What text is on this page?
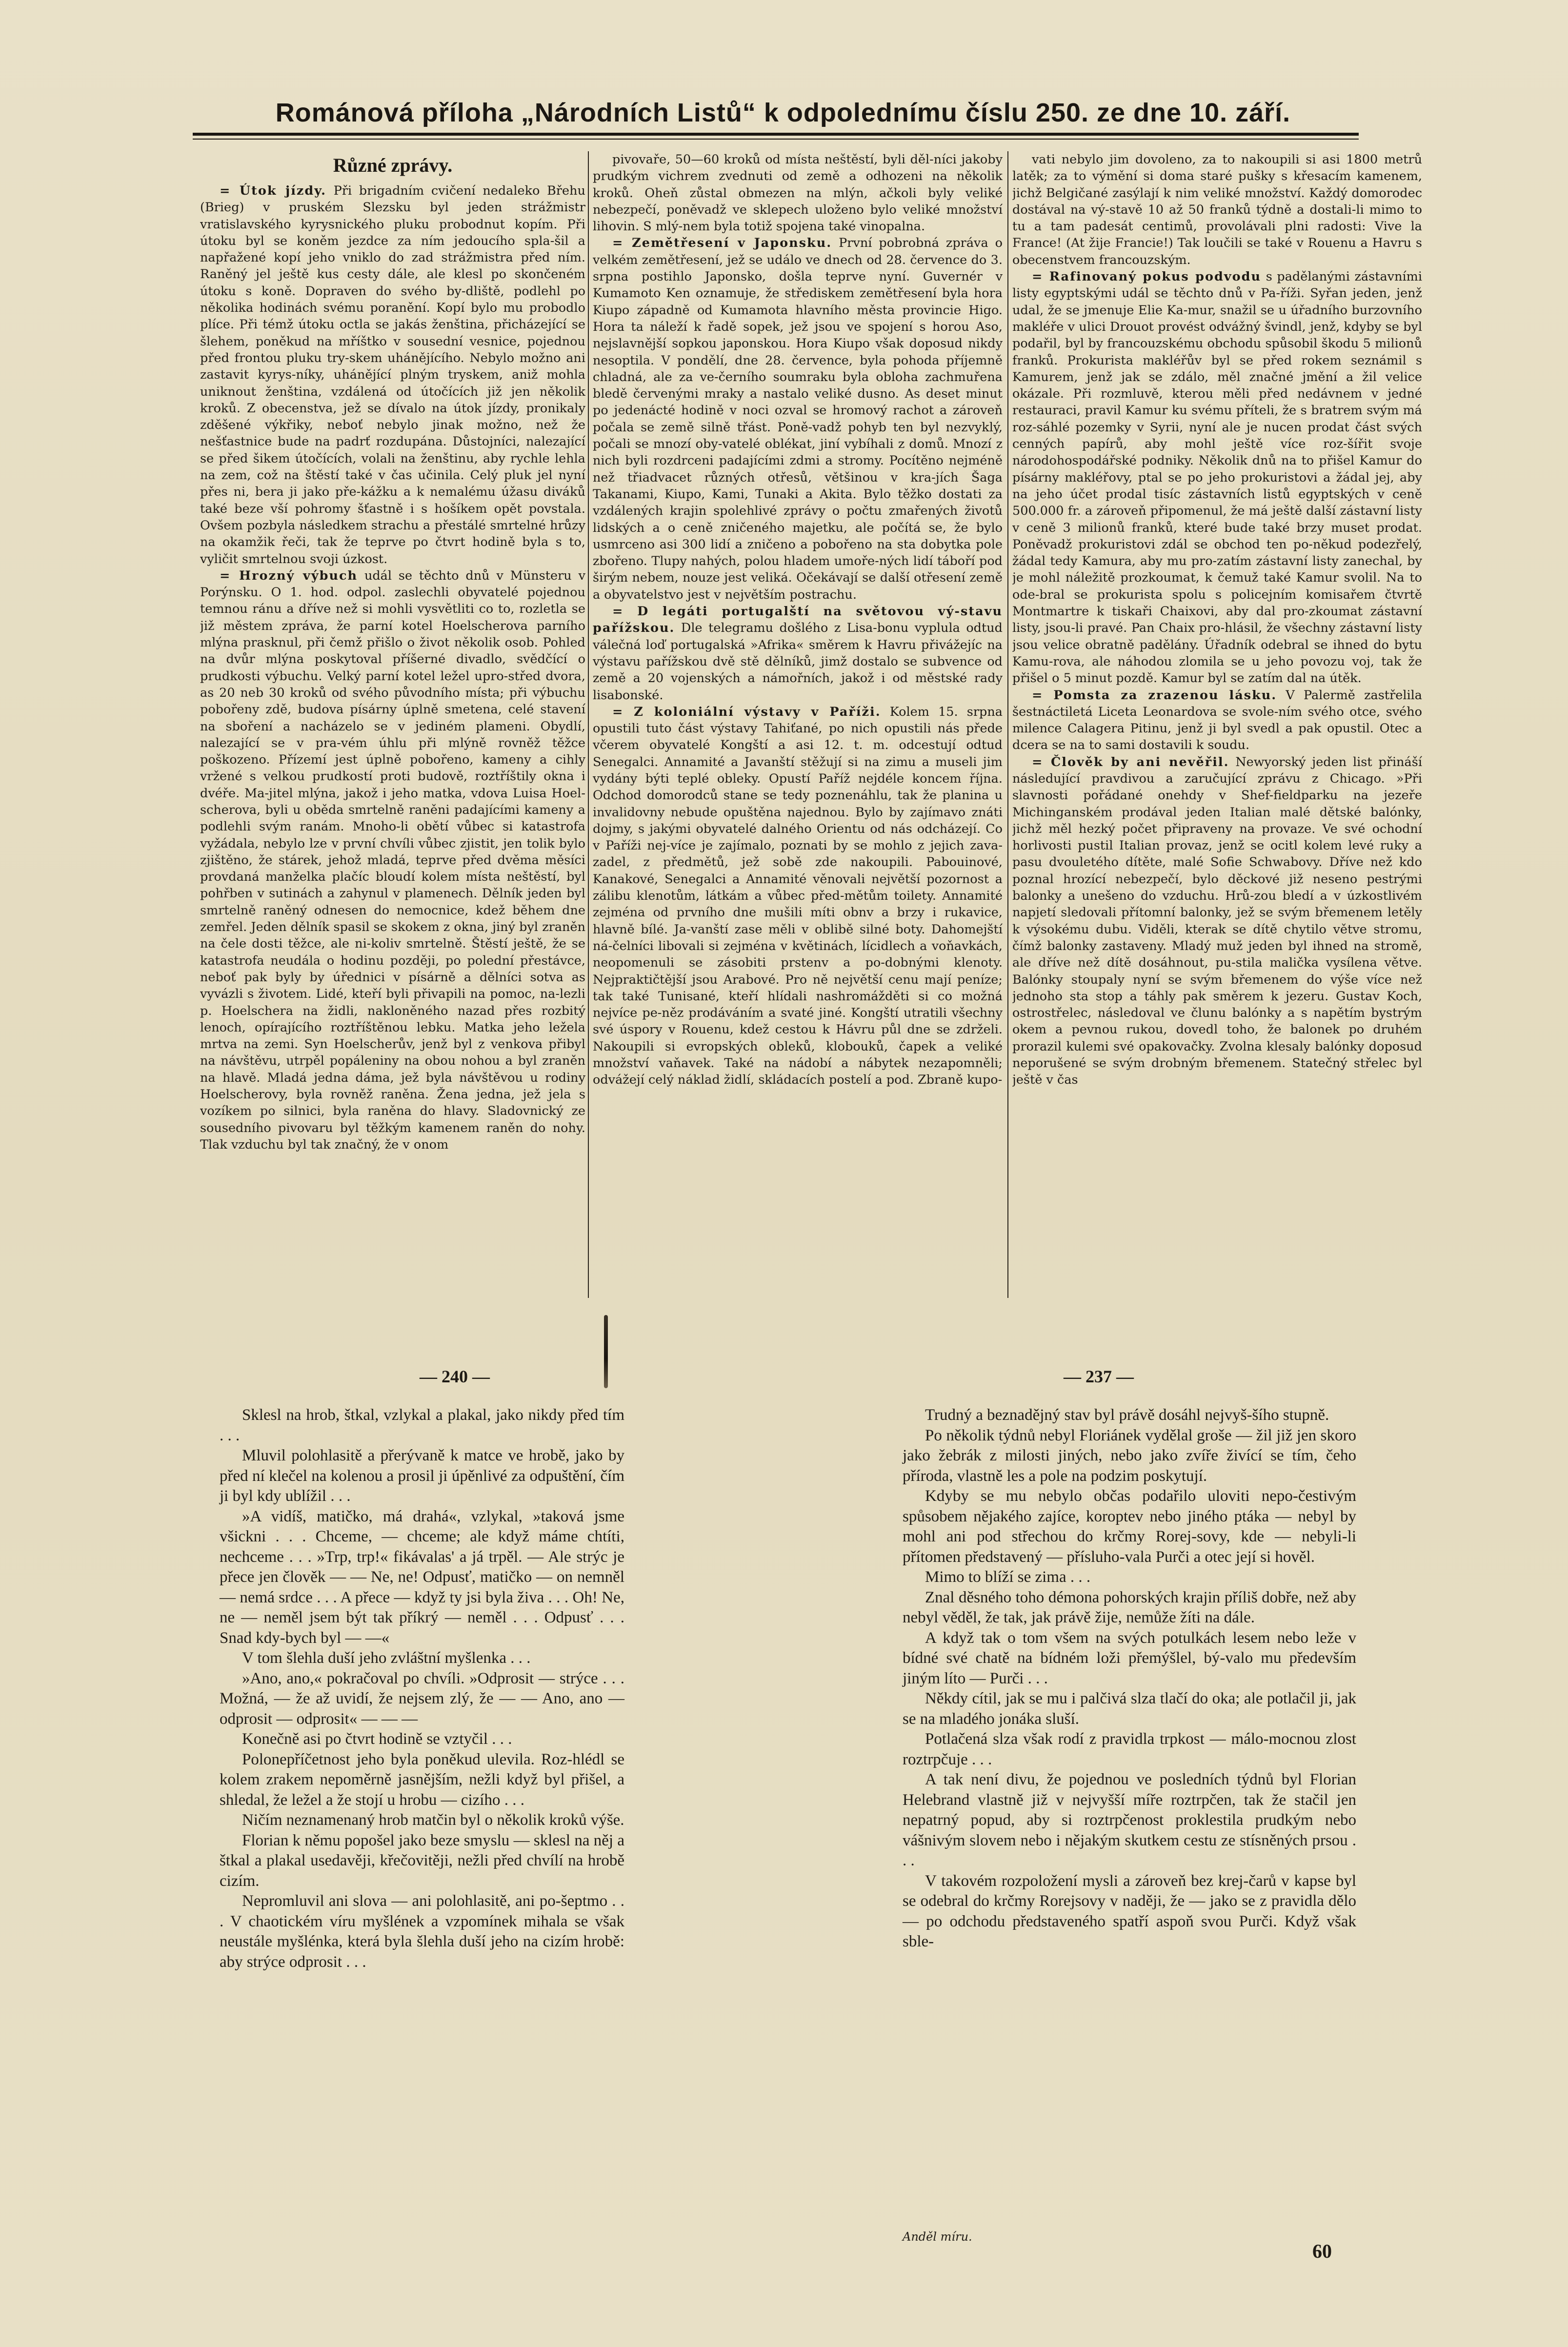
Románová příloha „Národních Listů“ k odpolednímu číslu 250. ze dne 10. září.
Různé zprávy.

= Útok jízdy. Při brigadním cvičení nedaleko Břehu (Brieg) v pruském Slezsku byl jeden strážmistr vratislavského kyrysnického pluku probodnut kopím. Při útoku byl se koněm jezdce za ním jedoucího spla-šil a napřažené kopí jeho vniklo do zad strážmistra před ním. Raněný jel ještě kus cesty dále, ale klesl po skončeném útoku s koně. Dopraven do svého by-dliště, podlehl po několika hodinách svému poranění. Kopí bylo mu probodlo plíce. Při témž útoku octla se jakás ženština, přicházející se šlehem, poněkud na mříštko v sousední vesnice, pojednou před frontou pluku try-skem uhánějícího. Nebylo možno ani zastavit kyrys-níky, uhánějící plným tryskem, aniž mohla uniknout ženština, vzdálená od útočících již jen několik kroků. Z obecenstva, jež se dívalo na útok jízdy, pronikaly zděšené výkřiky, neboť nebylo jinak možno, než že nešťastnice bude na padrť rozdupána. Důstojníci, nalezající se před šikem útočících, volali na ženštinu, aby rychle lehla na zem, což na štěstí také v čas učinila. Celý pluk jel nyní přes ni, bera ji jako pře-kážku a k nemalému úžasu diváků také beze vší pohromy šťastně i s hošíkem opět povstala. Ovšem pozbyla následkem strachu a přestálé smrtelné hrůzy na okamžik řeči, tak že teprve po čtvrt hodině byla s to, vyličit smrtelnou svoji úzkost.

= Hrozný výbuch udál se těchto dnů v Münsteru v Porýnsku. O 1. hod. odpol. zaslechli obyvatelé pojednou temnou ránu a dříve než si mohli vysvětliti co to, rozletla se již městem zpráva, že parní kotel Hoelscherova parního mlýna prasknul, při čemž přišlo o život několik osob. Pohled na dvůr mlýna poskytoval příšerné divadlo, svědčící o prudkosti výbuchu. Velký parní kotel ležel upro-střed dvora, as 20 neb 30 kroků od svého původního místa; při výbuchu pobořeny zdě, budova písárny úplně smetena, celé stavení na sboření a nacházelo se v jediném plameni. Obydlí, nalezající se v pra-vém úhlu při mlýně rovněž těžce poškozeno. Přízemí jest úplně pobořeno, kameny a cihly vržené s velkou prudkostí proti budově, roztříštily okna i dvéře. Ma-jitel mlýna, jakož i jeho matka, vdova Luisa Hoel-scherova, byli u oběda smrtelně raněni padajícími kameny a podlehli svým ranám. Mnoho-li obětí vůbec si katastrofa vyžádala, nebylo lze v první chvíli vůbec zjistit, jen tolik bylo zjištěno, že stárek, jehož mladá, teprve před dvěma měsíci provdaná manželka plačíc bloudí kolem místa neštěstí, byl pohřben v sutinách a zahynul v plamenech. Dělník jeden byl smrtelně raněný odnesen do nemocnice, kdež během dne zemřel. Jeden dělník spasil se skokem z okna, jiný byl zraněn na čele dosti těžce, ale ni-koliv smrtelně. Štěstí ještě, že se katastrofa neudála o hodinu později, po polední přestávce, neboť pak byly by úřednici v písárně a dělníci sotva as vyvázli s životem. Lidé, kteří byli přivapili na pomoc, na-lezli p. Hoelschera na židli, nakloněného nazad přes rozbitý lenoch, opírajícího roztříštěnou lebku. Matka jeho ležela mrtva na zemi. Syn Hoelscherův, jenž byl z venkova přibyl na návštěvu, utrpěl popáleniny na obou nohou a byl zraněn na hlavě. Mladá jedna dáma, jež byla návštěvou u rodiny Hoelscherovy, byla rovněž raněna. Žena jedna, jež jela s vozíkem po silnici, byla raněna do hlavy. Sladovnický ze sousedního pivovaru byl těžkým kamenem raněn do nohy. Tlak vzduchu byl tak značný, že v onom

pivovaře, 50—60 kroků od místa neštěstí, byli děl-níci jakoby prudkým vichrem zvednuti od země a odhozeni na několik kroků. Oheň zůstal obmezen na mlýn, ačkoli byly veliké nebezpečí, poněvadž ve sklepech uloženo bylo veliké množství lihovin. S mlý-nem byla totiž spojena také vinopalna.

= Zemětřesení v Japonsku. První pobrobná zpráva o velkém zemětřesení, jež se událo ve dnech od 28. července do 3. srpna postihlo Japonsko, došla teprve nyní. Guvernér v Kumamoto Ken oznamuje, že střediskem zemětřesení byla hora Kiupo západně od Kumamota hlavního města provincie Higo. Hora ta náleží k řadě sopek, jež jsou ve spojení s horou Aso, nejslavnější sopkou japonskou. Hora Kiupo však doposud nikdy nesoptila. V pondělí, dne 28. července, byla pohoda příjemně chladná, ale za ve-černího soumraku byla obloha zachmuřena bledě červenými mraky a nastalo veliké dusno. As deset minut po jedenácté hodině v noci ozval se hromový rachot a zároveň počala se země silně třást. Poně-vadž pohyb ten byl nezvyklý, počali se mnozí oby-vatelé oblékat, jiní vybíhali z domů. Mnozí z nich byli rozdrceni padajícími zdmi a stromy. Pocítěno nejméně než třiadvacet různých otřesů, většinou v kra-jích Šaga Takanami, Kiupo, Kami, Tunaki a Akita. Bylo těžko dostati za vzdálených krajin spolehlivé zprávy o počtu zmařených životů lidských a o ceně zničeného majetku, ale počítá se, že bylo usmrceno asi 300 lidí a zničeno a pobořeno na sta dobytka pole zbořeno. Tlupy nahých, polou hladem umoře-ných lidí táboří pod širým nebem, nouze jest veliká. Očekávají se další otřesení země a obyvatelstvo jest v největším postrachu.

= D legáti portugalští na světovou vý-stavu pařížskou. Dle telegramu došlého z Lisa-bonu vyplula odtud válečná loď portugalská »Afrika« směrem k Havru přivážejíc na výstavu pařížskou dvě stě dělníků, jimž dostalo se subvence od země a 20 vojenských a námořních, jakož i od městské rady lisabonské.

= Z koloniální výstavy v Paříži. Kolem 15. srpna opustili tuto část výstavy Tahiťané, po nich opustili nás přede včerem obyvatelé Kongští a asi 12. t. m. odcestují odtud Senegalci. Annamité a Javanští stěžují si na zimu a museli jim vydány býti teplé obleky. Opustí Paříž nejdéle koncem října. Odchod domorodců stane se tedy poznenáhlu, tak že planina u invalidovny nebude opuštěna najednou. Bylo by zajímavo znáti dojmy, s jakými obyvatelé dalného Orientu od nás odcházejí. Co v Paříži nej-více je zajímalo, poznati by se mohlo z jejich zava-zadel, z předmětů, jež sobě zde nakoupili. Pabouinové, Kanakové, Senegalci a Annamité věnovali největší pozornost a zálibu klenotům, látkám a vůbec před-mětům toilety. Annamité zejména od prvního dne mušili míti obnv a brzy i rukavice, hlavně bílé. Ja-vanští zase měli v oblibě silné boty. Dahomejští ná-čelníci libovali si zejména v květinách, lícidlech a voňavkách, neopomenuli se zásobiti prstenv a po-dobnými klenoty. Nejpraktičtější jsou Arabové. Pro ně největší cenu mají peníze; tak také Tunisané, kteří hlídali nashromážděti si co možná nejvíce pe-něz prodáváním a svaté jiné. Kongští utratili všechny své úspory v Rouenu, kdež cestou k Hávru půl dne se zdrželi. Nakoupili si evropských obleků, klobouků, čapek a veliké množství vaňavek. Také na nádobí a nábytek nezapomněli; odvážejí celý náklad židlí, skládacích postelí a pod. Zbraně kupo-

vati nebylo jim dovoleno, za to nakoupili si asi 1800 metrů latěk; za to výmění si doma staré pušky s křesacím kamenem, jichž Belgičané zasýlají k nim veliké množství. Každý domorodec dostával na vý-stavě 10 až 50 franků týdně a dostali-li mimo to tu a tam padesát centimů, provolávali plni radosti: Vive la France! (At žije Francie!) Tak loučili se také v Rouenu a Havru s obecenstvem francouzským.

= Rafinovaný pokus podvodu s padělanými zástavními listy egyptskými udál se těchto dnů v Pa-říži. Syřan jeden, jenž udal, že se jmenuje Elie Ka-mur, snažil se u úřadního burzovního makléře v ulici Drouot provést odvážný švindl, jenž, kdyby se byl podařil, byl by francouzskému obchodu spůsobil škodu 5 milionů franků. Prokuristа makléřův byl se před rokem seznámil s Kamurem, jenž jak se zdálo, měl značné jmění a žil velice okázale. Při rozmluvě, kterou měli před nedávnem v jedné restauraci, pravil Kamur ku svému příteli, že s bratrem svým má roz-sáhlé pozemky v Syrii, nyní ale je nucen prodat část svých cenných papírů, aby mohl ještě více roz-šířit svoje národohospodářské podniky. Několik dnů na to přišel Kamur do písárny makléřovy, ptal se po jeho prokuristovi a žádal jej, aby na jeho účet prodal tisíc zástavních listů egyptských v ceně 500.000 fr. a zároveň připomenul, že má ještě další zástavní listy v ceně 3 milionů franků, které bude také brzy muset prodat. Poněvadž prokuristovi zdál se obchod ten po-někud podezřelý, žádal tedy Kamura, aby mu pro-zatím zástavní listy zanechal, by je mohl náležitě prozkoumat, k čemuž také Kamur svolil. Na to ode-bral se prokurista spolu s policejním komisařem čtvrtě Montmartre k tiskaři Chaixovi, aby dal pro-zkoumat zástavní listy, jsou-li pravé. Pan Chaix pro-hlásil, že všechny zástavní listy jsou velice obratně padělány. Úřadník odebral se ihned do bytu Kamu-rova, ale náhodou zlomila se u jeho povozu voj, tak že přišel o 5 minut pozdě. Kamur byl se zatím dal na útěk.

= Pomsta za zrazenou lásku. V Palermě zastřelila šestnáctiletá Liceta Leonardova se svole-ním svého otce, svého milence Calagera Pitinu, jenž ji byl svedl a pak opustil. Otec a dcera se na to sami dostavili k soudu.

= Člověk by ani nevěřil. Newyorský jeden list přináší následující pravdivou a zaručující zprávu z Chicago. »Při slavnosti pořádané onehdy v Shef-fieldparku na jezeře Michinganském prodával jeden Italian malé dětské balónky, jichž měl hezký počet připraveny na provaze. Ve své ochodní horlivosti pustil Italian provaz, jenž se ocitl kolem levé ruky a pasu dvouletého dítěte, malé Sofie Schwabovy. Dříve než kdo poznal hrozící nebezpečí, bylo děckové již nesenо pestrými balonky a unešeno do vzduchu. Hrů-zou bledí a v úzkostlivém napjetí sledovali přítomní balonky, jež se svým břemenem letěly k výsokému dubu. Viděli, kterak se dítě chytilo větve stromu, čímž balonky zastaveny. Mladý muž jeden byl ihned na stromě, ale dříve než dítě dosáhnout, pu-stila malička vysílena větve. Balónky stoupaly nyní se svým břemenem do výše více než jednoho sta stop a táhly pak směrem k jezeru. Gustav Koch, ostrostřelec, následoval ve člunu balónky a s napětím bystrým okem a pevnou rukou, dovedl toho, že balonek po druhém prorazil kulemi své opakovačky. Zvolna klesaly balónky doposud neporušené se svým drobným břemenem. Statečný střelec byl ještě v čas

— 240 —	— 237 —

Sklesl na hrob, štkal, vzlykal a plakal, jako nikdy před tím . . .

Mluvil polohlasitě a přerývaně k matce ve hrobě, jako by před ní klečel na kolenou a prosil ji úpěnlivé za odpuštění, čím ji byl kdy ublížil . . .

»A vidíš, matičko, má drahá«, vzlykal, »taková jsme všickni . . . Chceme, — chceme; ale když máme chtíti, nechceme . . . »Trp, trp!« fikávalas' a já trpěl. — Ale strýc je přece jen člověk — — Ne, ne! Odpusť, matičko — on nemněl — nemá srdce . . . A přece — když ty jsi byla živa . . . Oh! Ne, ne — neměl jsem být tak příkrý — neměl . . . Odpusť . . . Snad kdy-bych byl — —«

V tom šlehla duší jeho zvláštní myšlenka . . .

»Ano, ano,« pokračoval po chvíli. »Odprosit — strýce . . . Možná, — že až uvidí, že nejsem zlý, že — — Ano, ano — odprosit — odprosit« — — —

Konečně asi po čtvrt hodině se vztyčil . . .

Polonepříčetnost jeho byla poněkud ulevila. Roz-hlédl se kolem zrakem nepoměrně jasnějším, nežli když byl přišel, a shledal, že ležel a že stojí u hrobu — cizího . . .

Ničím neznamenaný hrob matčin byl o několik kroků výše.

Florian k němu popošel jako beze smyslu — sklesl na něj a štkal a plakal usedavěji, křečovitěji, nežli před chvílí na hrobě cizím.

Nepromluvil ani slova — ani polohlasitě, ani po-šeptmo . . . V chaotickém víru myšlének a vzpomínek mihala se však neustále myšlénka, která byla šlehla duší jeho na cizím hrobě: aby strýce odprosit . . .

Trudný a beznadějný stav byl právě dosáhl nejvyš-šího stupně.

Po několik týdnů nebyl Floriánek vydělal groše — žil již jen skoro jako žebrák z milosti jiných, nebo jako zvíře živící se tím, čeho příroda, vlastně les a pole na podzim poskytují.

Kdyby se mu nebylo občas podařilo uloviti nepo-čestivým spůsobem nějakého zajíce, koroptev nebo jiného ptáka — nebyl by mohl ani pod střechou do krčmy Rorej-sovy, kde — nebyli-li přítomen představený — přísluho-vala Purči a otec její si hověl.

Mimo to blíží se zima . . .

Znal děsného toho démona pohorských krajin příliš dobře, než aby nebyl věděl, že tak, jak právě žije, nemůže žíti na dále.

A když tak o tom všem na svých potulkách lesem nebo leže v bídné své chatě na bídném loži přemýšlel, bý-valo mu především jiným líto — Purči . . .

Někdy cítil, jak se mu i palčivá slza tlačí do oka; ale potlačil ji, jak se na mladého jonáka sluší.

Potlačená slza však rodí z pravidla trpkost — málo-mocnou zlost roztrpčuje . . .

A tak není divu, že pojednou ve posledních týdnů byl Florian Helebrand vlastně již v nejvyšší míře roztrpčen, tak že stačil jen nepatrný popud, aby si roztrpčenost proklestila prudkým nebo vášnivým slovem nebo i nějakým skutkem cestu ze stísněných prsou . . .

V takovém rozpoložení mysli a zároveň bez krej-čarů v kapse byl se odebral do krčmy Rorejsovy v naději, že — jako se z pravidla dělo — po odchodu představeného spatří aspoň svou Purči. Když však sble-

Anděl míru.
60
